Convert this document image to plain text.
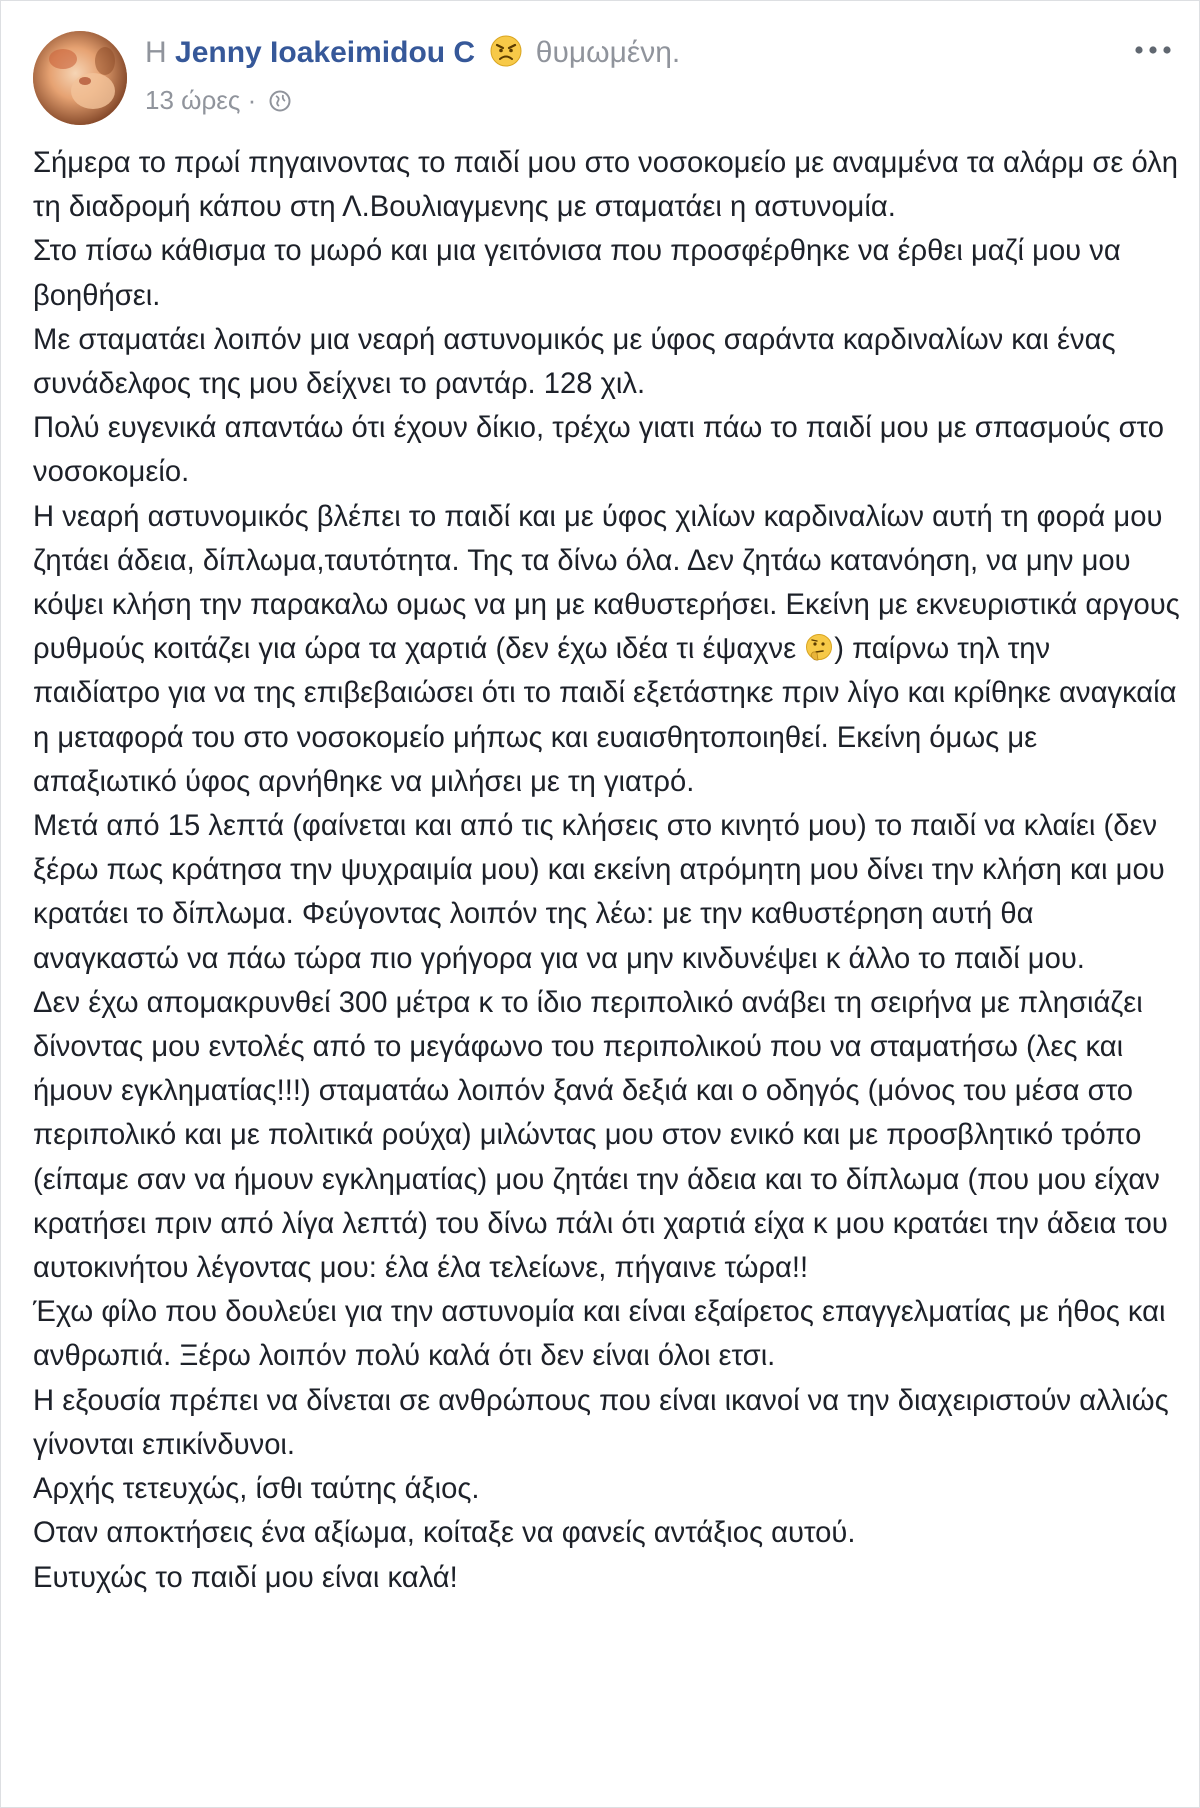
Η Jenny Ioakeimidou C θυμωμένη.
13 ώρες ·

Σήμερα το πρωί πηγαινοντας το παιδί μου στο νοσοκομείο με αναμμένα τα αλάρμ σε όλη τη διαδρομή κάπου στη Λ.Βουλιαγμενης με σταματάει η αστυνομία.

Στο πίσω κάθισμα το μωρό και μια γειτόνισα που προσφέρθηκε να έρθει μαζί μου να βοηθήσει.

Με σταματάει λοιπόν μια νεαρή αστυνομικός με ύφος σαράντα καρδιναλίων και ένας συνάδελφος της μου δείχνει το ραντάρ. 128 χιλ.

Πολύ ευγενικά απαντάω ότι έχουν δίκιο, τρέχω γιατι πάω το παιδί μου με σπασμούς στο νοσοκομείο.

Η νεαρή αστυνομικός βλέπει το παιδί και με ύφος χιλίων καρδιναλίων αυτή τη φορά μου ζητάει άδεια, δίπλωμα,ταυτότητα. Της τα δίνω όλα. Δεν ζητάω κατανόηση, να μην μου κόψει κλήση την παρακαλω ομως να μη με καθυστερήσει. Εκείνη με εκνευριστικά αργους ρυθμούς κοιτάζει για ώρα τα χαρτιά (δεν έχω ιδέα τι έψαχνε ) παίρνω τηλ την παιδίατρο για να της επιβεβαιώσει ότι το παιδί εξετάστηκε πριν λίγο και κρίθηκε αναγκαία η μεταφορά του στο νοσοκομείο μήπως και ευαισθητοποιηθεί. Εκείνη όμως με απαξιωτικό ύφος αρνήθηκε να μιλήσει με τη γιατρό.

Μετά από 15 λεπτά (φαίνεται και από τις κλήσεις στο κινητό μου) το παιδί να κλαίει (δεν ξέρω πως κράτησα την ψυχραιμία μου) και εκείνη ατρόμητη μου δίνει την κλήση και μου κρατάει το δίπλωμα. Φεύγοντας λοιπόν της λέω: με την καθυστέρηση αυτή θα αναγκαστώ να πάω τώρα πιο γρήγορα για να μην κινδυνέψει κ άλλο το παιδί μου.

Δεν έχω απομακρυνθεί 300 μέτρα κ το ίδιο περιπολικό ανάβει τη σειρήνα με πλησιάζει δίνοντας μου εντολές από το μεγάφωνο του περιπολικού που να σταματήσω (λες και ήμουν εγκληματίας!!!) σταματάω λοιπόν ξανά δεξιά και ο οδηγός (μόνος του μέσα στο περιπολικό και με πολιτικά ρούχα) μιλώντας μου στον ενικό και με προσβλητικό τρόπο (είπαμε σαν να ήμουν εγκληματίας) μου ζητάει την άδεια και το δίπλωμα (που μου είχαν κρατήσει πριν από λίγα λεπτά) του δίνω πάλι ότι χαρτιά είχα κ μου κρατάει την άδεια του αυτοκινήτου λέγοντας μου: έλα έλα τελείωνε, πήγαινε τώρα!!

Έχω φίλο που δουλεύει για την αστυνομία και είναι εξαίρετος επαγγελματίας με ήθος και ανθρωπιά. Ξέρω λοιπόν πολύ καλά ότι δεν είναι όλοι ετσι.

Η εξουσία πρέπει να δίνεται σε ανθρώπους που είναι ικανοί να την διαχειριστούν αλλιώς γίνονται επικίνδυνοι.

Αρχής τετευχώς, ίσθι ταύτης άξιος.

Οταν αποκτήσεις ένα αξίωμα, κοίταξε να φανείς αντάξιος αυτού.

Ευτυχώς το παιδί μου είναι καλά!
